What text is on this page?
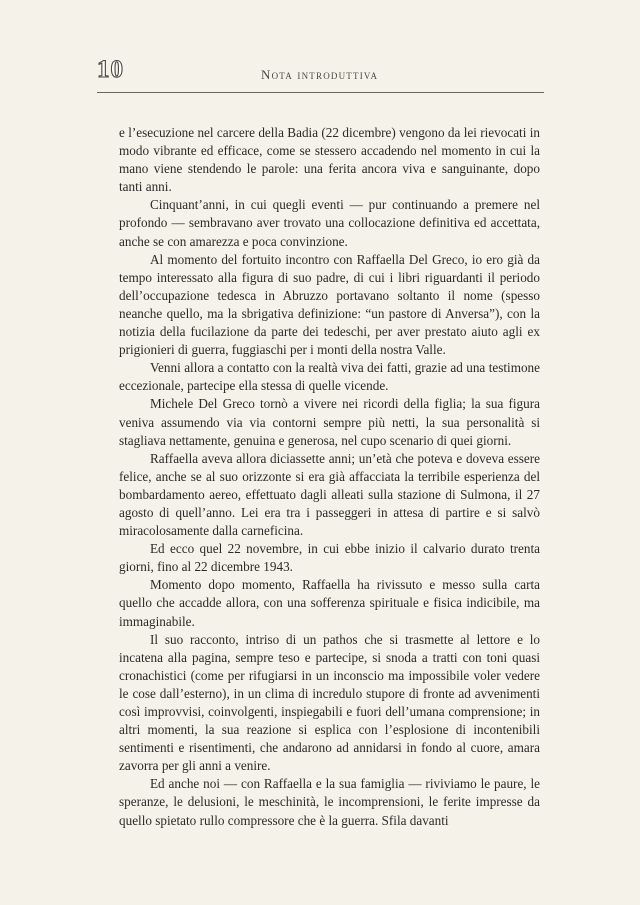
10	Nota introduttiva

e l’esecuzione nel carcere della Badia (22 dicembre) vengono da lei rievocati in modo vibrante ed efficace, come se stessero accadendo nel momento in cui la mano viene stendendo le parole: una ferita ancora viva e sanguinante, dopo tanti anni.

Cinquant’anni, in cui quegli eventi — pur continuando a premere nel profondo — sembravano aver trovato una collocazione definitiva ed accettata, anche se con amarezza e poca convinzione.

Al momento del fortuito incontro con Raffaella Del Greco, io ero già da tempo interessato alla figura di suo padre, di cui i libri riguardanti il periodo dell’occupazione tedesca in Abruzzo portavano soltanto il nome (spesso neanche quello, ma la sbrigativa definizione: “un pastore di Anversa”), con la notizia della fucilazione da parte dei tedeschi, per aver prestato aiuto agli ex prigionieri di guerra, fuggiaschi per i monti della nostra Valle.

Venni allora a contatto con la realtà viva dei fatti, grazie ad una testimone eccezionale, partecipe ella stessa di quelle vicende.

Michele Del Greco tornò a vivere nei ricordi della figlia; la sua figura veniva assumendo via via contorni sempre più netti, la sua personalità si stagliava nettamente, genuina e generosa, nel cupo scenario di quei giorni.

Raffaella aveva allora diciassette anni; un’età che poteva e doveva essere felice, anche se al suo orizzonte si era già affacciata la terribile esperienza del bombardamento aereo, effettuato dagli alleati sulla stazione di Sulmona, il 27 agosto di quell’anno. Lei era tra i passeggeri in attesa di partire e si salvò miracolosamente dalla carneficina.

Ed ecco quel 22 novembre, in cui ebbe inizio il calvario durato trenta giorni, fino al 22 dicembre 1943.

Momento dopo momento, Raffaella ha rivissuto e messo sulla carta quello che accadde allora, con una sofferenza spirituale e fisica indicibile, ma immaginabile.

Il suo racconto, intriso di un pathos che si trasmette al lettore e lo incatena alla pagina, sempre teso e partecipe, si snoda a tratti con toni quasi cronachistici (come per rifugiarsi in un inconscio ma impossibile voler vedere le cose dall’esterno), in un clima di incredulo stupore di fronte ad avvenimenti così improvvisi, coinvolgenti, inspiegabili e fuori dell’umana comprensione; in altri momenti, la sua reazione si esplica con l’esplosione di incontenibili sentimenti e risentimenti, che andarono ad annidarsi in fondo al cuore, amara zavorra per gli anni a venire.

Ed anche noi — con Raffaella e la sua famiglia — riviviamo le paure, le speranze, le delusioni, le meschinità, le incomprensioni, le ferite impresse da quello spietato rullo compressore che è la guerra. Sfila davanti
